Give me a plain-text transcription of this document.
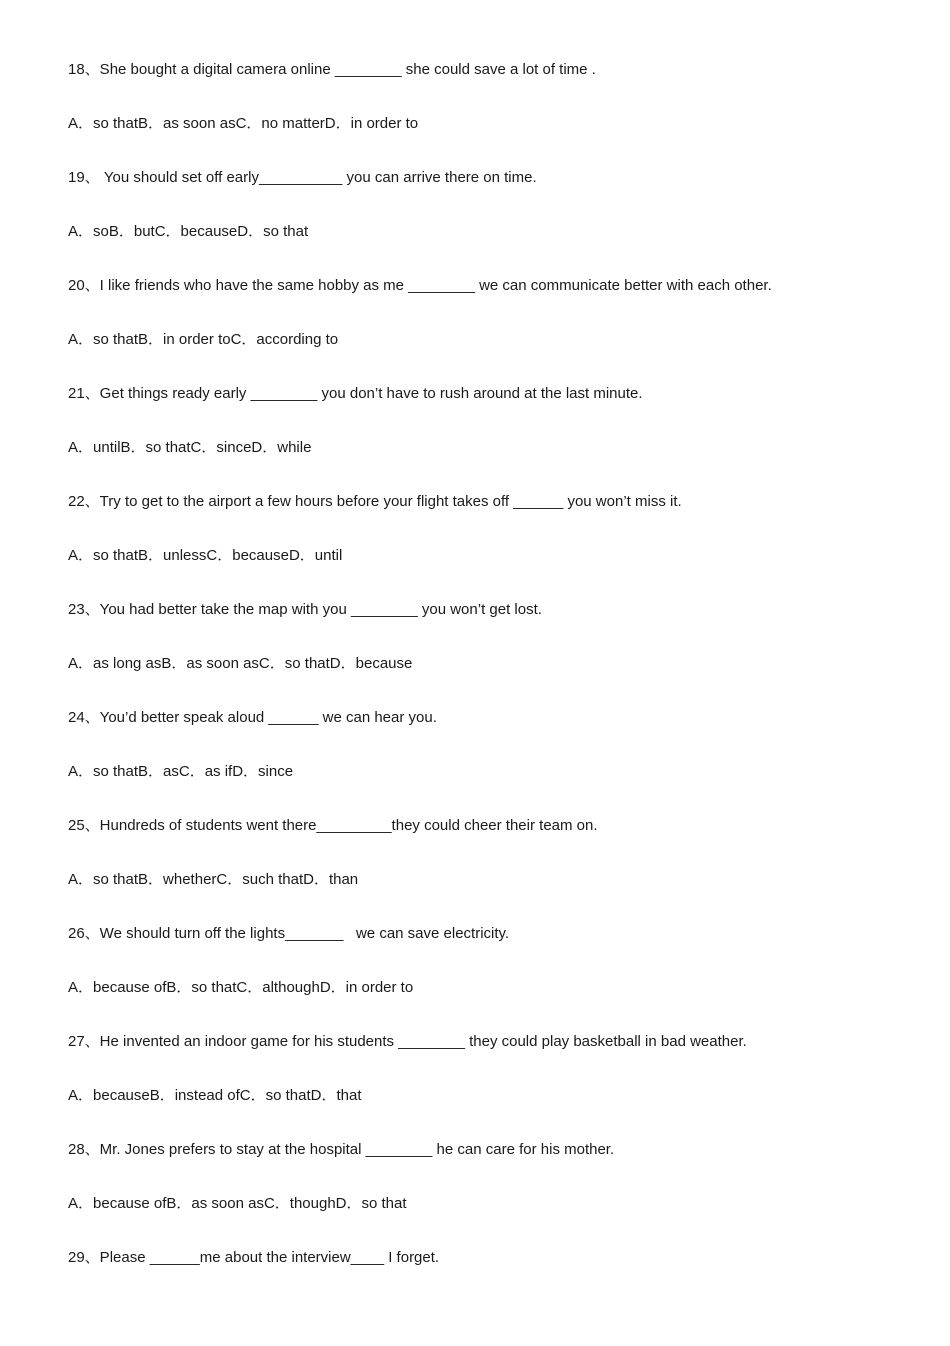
18、She bought a digital camera online ________ she could save a lot of time .
A．so thatB．as soon asC．no matterD．in order to
19、 You should set off early__________ you can arrive there on time.
A．soB．butC．becauseD．so that
20、I like friends who have the same hobby as me ________ we can communicate better with each other.
A．so thatB．in order toC．according to
21、Get things ready early ________ you don’t have to rush around at the last minute.
A．untilB．so thatC．sinceD．while
22、Try to get to the airport a few hours before your flight takes off ______ you won’t miss it.
A．so thatB．unlessC．becauseD．until
23、You had better take the map with you ________ you won’t get lost.
A．as long asB．as soon asC．so thatD．because
24、You’d better speak aloud ______ we can hear you.
A．so thatB．asC．as ifD．since
25、Hundreds of students went there_________they could cheer their team on.
A．so thatB．whetherC．such thatD．than
26、We should turn off the lights_______   we can save electricity.
A．because ofB．so thatC．althoughD．in order to
27、He invented an indoor game for his students ________ they could play basketball in bad weather.
A．becauseB．instead ofC．so thatD．that
28、Mr. Jones prefers to stay at the hospital ________ he can care for his mother.
A．because ofB．as soon asC．thoughD．so that
29、Please ______me about the interview____ I forget.
